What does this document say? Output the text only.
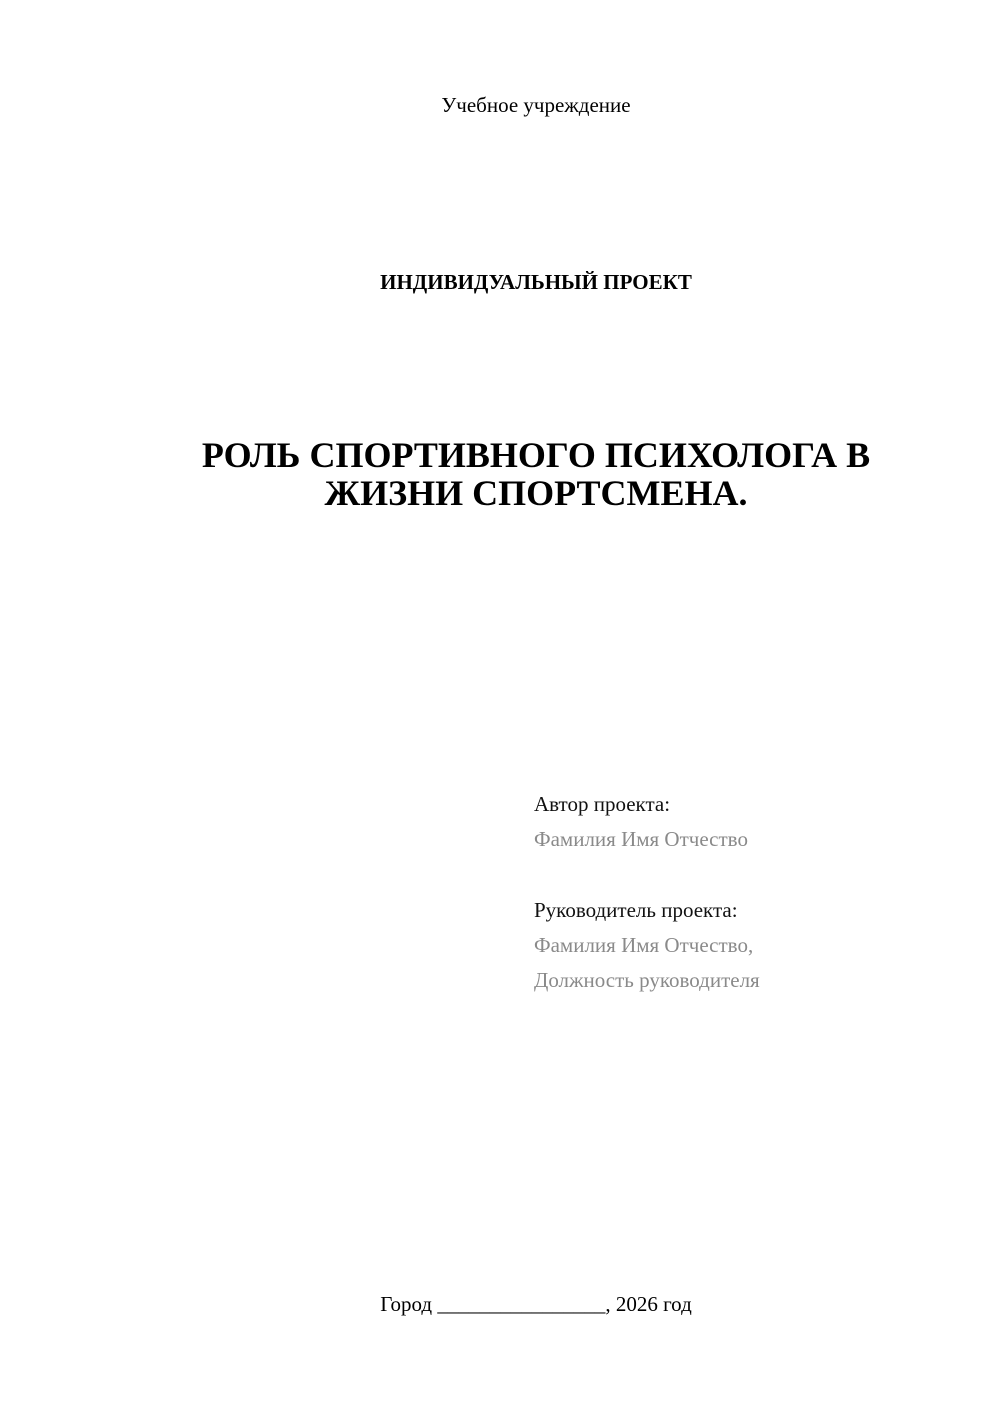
Учебное учреждение
ИНДИВИДУАЛЬНЫЙ ПРОЕКТ
РОЛЬ СПОРТИВНОГО ПСИХОЛОГА В
ЖИЗНИ СПОРТСМЕНА.
Автор проекта:
Фамилия Имя Отчество
Руководитель проекта:
Фамилия Имя Отчество,
Должность руководителя
Город ________________, 2026 год
